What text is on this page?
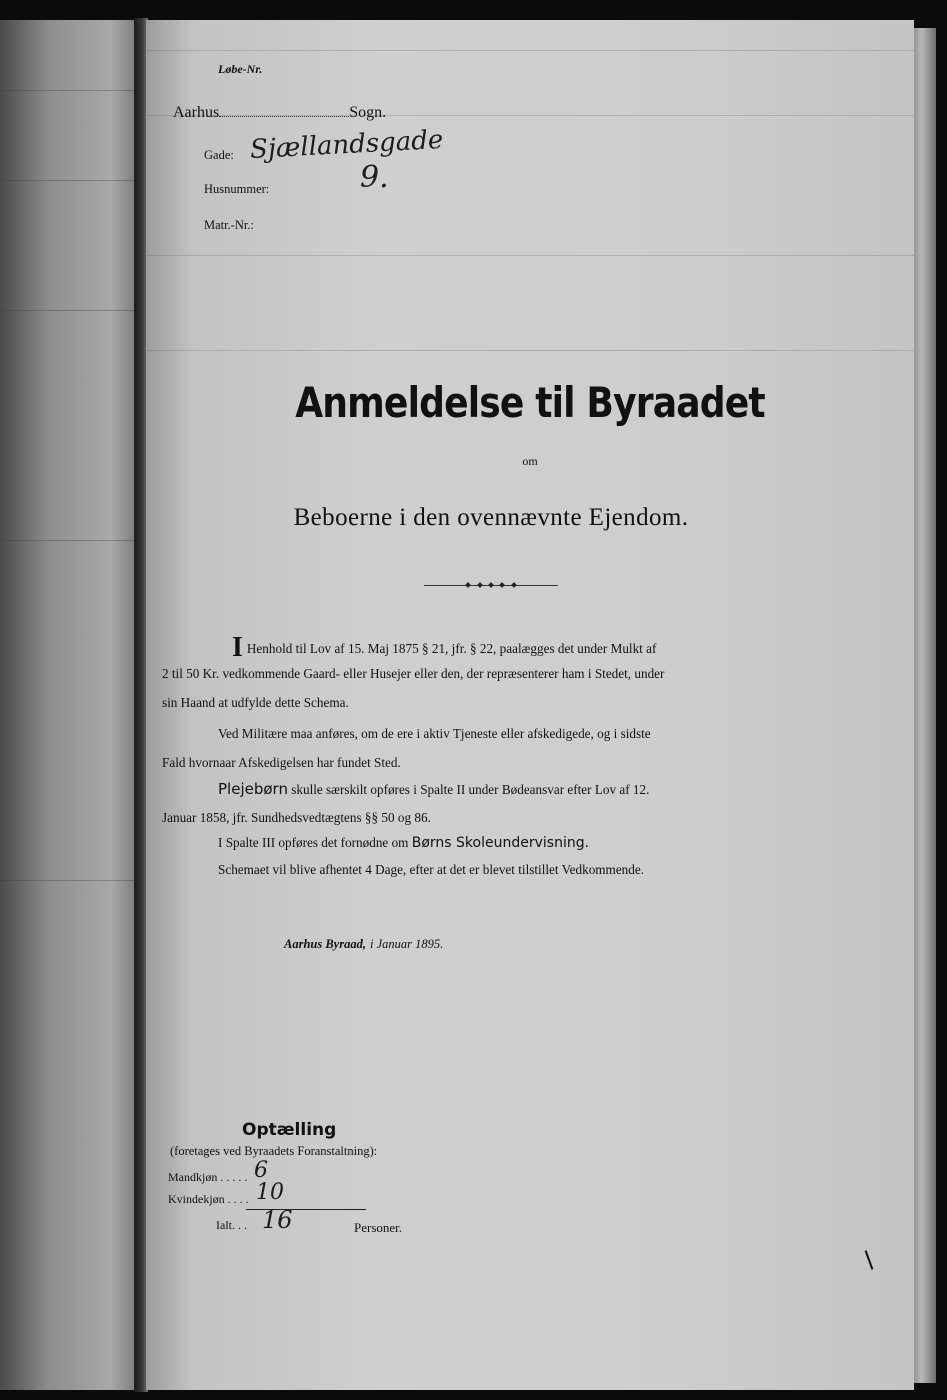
Løbe-Nr.
Aarhus	Sogn.
Gade: Sjællandsgade
Husnummer:	9.
Matr.-Nr.:
Anmeldelse til Byraadet
om
Beboerne i den ovennævnte Ejendom.
I Henhold til Lov af 15. Maj 1875 § 21, jfr. § 22, paalægges det under Mulkt af
2 til 50 Kr. vedkommende Gaard- eller Husejer eller den, der repræsenterer ham i Stedet, under
sin Haand at udfylde dette Schema.
Ved Militære maa anføres, om de ere i aktiv Tjeneste eller afskedigede, og i sidste
Fald hvornaar Afskedigelsen har fundet Sted.
Plejebørn skulle særskilt opføres i Spalte II under Bødeansvar efter Lov af 12.
Januar 1858, jfr. Sundhedsvedtægtens §§ 50 og 86.
I Spalte III opføres det fornødne om Børns Skoleundervisning.
Schemaet vil blive afhentet 4 Dage, efter at det er blevet tilstillet Vedkommende.
Aarhus Byraad, i Januar 1895.
Optælling
(foretages ved Byraadets Foranstaltning):
Mandkjøn . . . . . 6
Kvindekjøn . . . . 10
Ialt. . . 16	Personer.
